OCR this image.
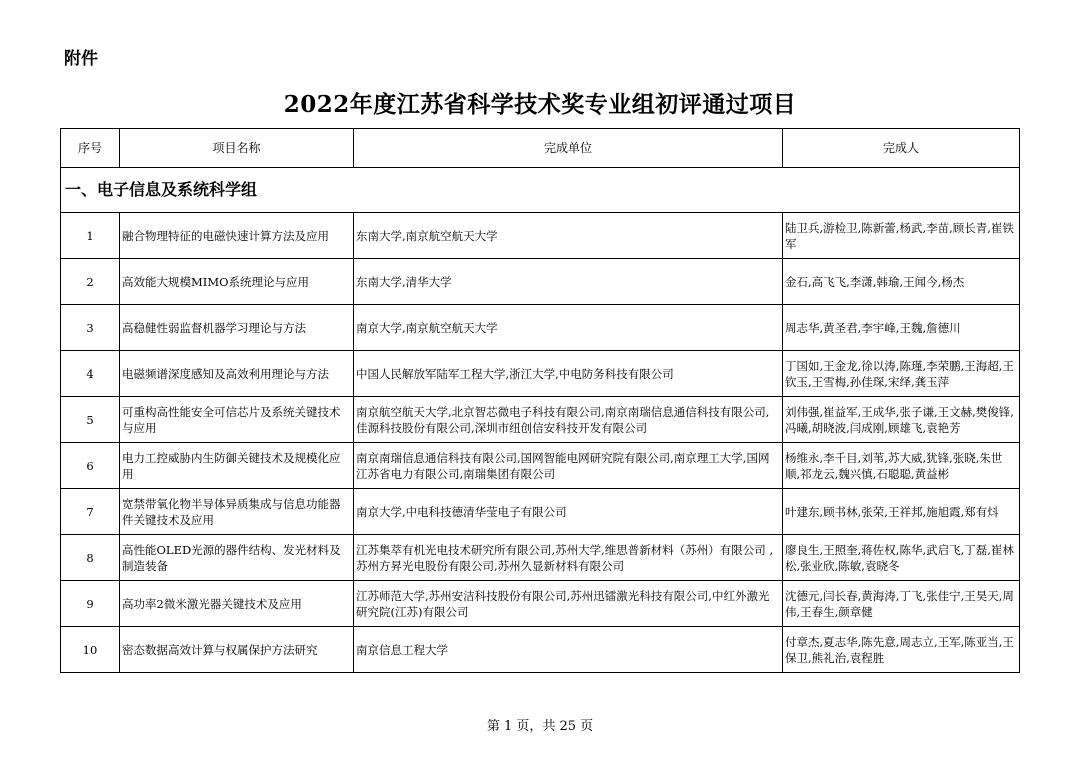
附件
2022年度江苏省科学技术奖专业组初评通过项目
序号	项目名称	完成单位	完成人
一、电子信息及系统科学组			
1	融合物理特征的电磁快速计算方法及应用	东南大学,南京航空航天大学	陆卫兵,游检卫,陈新蕾,杨武,李苗,顾长青,崔铁军
2	高效能大规模MIMO系统理论与应用	东南大学,清华大学	金石,高飞飞,李潇,韩瑜,王闻今,杨杰
3	高稳健性弱监督机器学习理论与方法	南京大学,南京航空航天大学	周志华,黄圣君,李宇峰,王魏,詹德川
4	电磁频谱深度感知及高效利用理论与方法	中国人民解放军陆军工程大学,浙江大学,中电防务科技有限公司	丁国如,王金龙,徐以涛,陈瑾,李荣鹏,王海超,王钦玉,王雪梅,孙佳琛,宋绎,龚玉萍
5	可重构高性能安全可信芯片及系统关键技术与应用	南京航空航天大学,北京智芯微电子科技有限公司,南京南瑞信息通信科技有限公司,佳源科技股份有限公司,深圳市纽创信安科技开发有限公司	刘伟强,崔益军,王成华,张子谦,王文赫,樊俊锋,冯曦,胡晓波,闫成刚,顾雄飞,袁艳芳
6	电力工控威胁内生防御关键技术及规模化应用	南京南瑞信息通信科技有限公司,国网智能电网研究院有限公司,南京理工大学,国网江苏省电力有限公司,南瑞集团有限公司	杨维永,李千目,刘苇,苏大威,犹锋,张晓,朱世顺,祁龙云,魏兴慎,石聪聪,黄益彬
7	宽禁带氧化物半导体异质集成与信息功能器件关键技术及应用	南京大学,中电科技德清华莹电子有限公司	叶建东,顾书林,张荣,王祥邦,施旭霞,郑有炓
8	高性能OLED光源的器件结构、发光材料及制造装备	江苏集萃有机光电技术研究所有限公司,苏州大学,维思普新材料（苏州）有限公司 ,苏州方昇光电股份有限公司,苏州久显新材料有限公司	廖良生,王照奎,蒋佐权,陈华,武启飞,丁磊,崔林松,张业欣,陈敏,袁晓冬
9	高功率2微米激光器关键技术及应用	江苏师范大学,苏州安洁科技股份有限公司,苏州迅镭激光科技有限公司,中红外激光研究院(江苏)有限公司	沈德元,闫长春,黄海涛,丁飞,张佳宁,王昊天,周伟,王春生,颜章健
10	密态数据高效计算与权属保护方法研究	南京信息工程大学	付章杰,夏志华,陈先意,周志立,王军,陈亚当,王保卫,熊礼治,袁程胜
第 1 页，共 25 页
